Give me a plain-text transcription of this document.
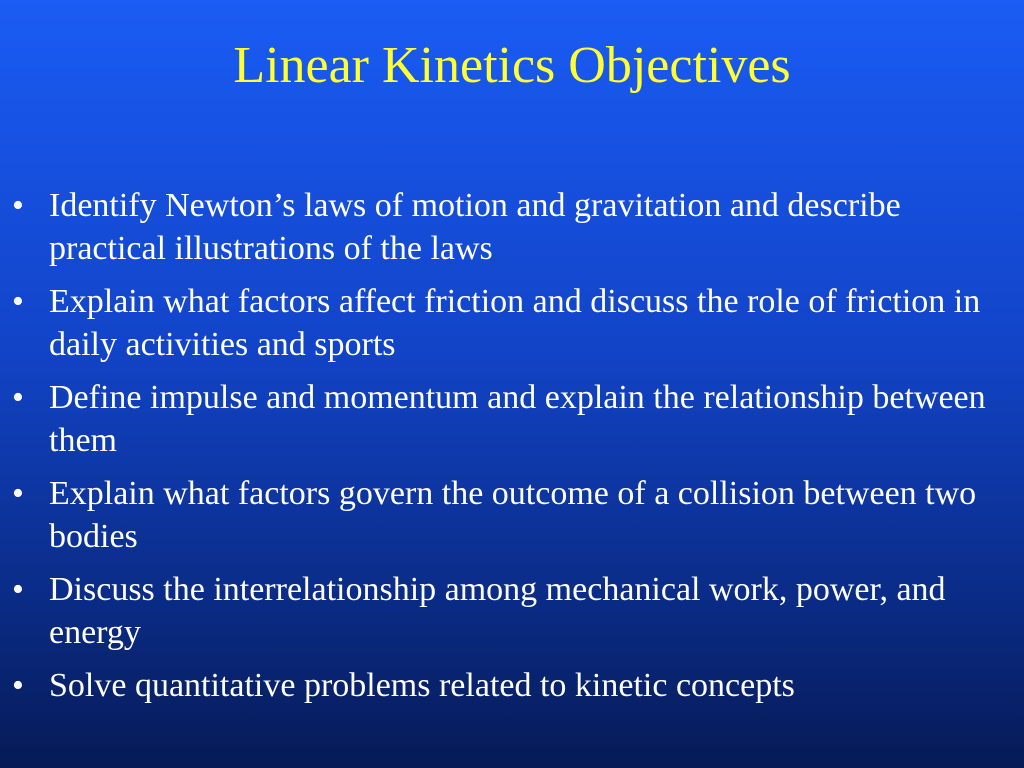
Linear Kinetics Objectives
• Identify Newton’s laws of motion and gravitation and describe practical illustrations of the laws
• Explain what factors affect friction and discuss the role of friction in daily activities and sports
• Define impulse and momentum and explain the relationship between them
• Explain what factors govern the outcome of a collision between two bodies
• Discuss the interrelationship among mechanical work, power, and energy
• Solve quantitative problems related to kinetic concepts
